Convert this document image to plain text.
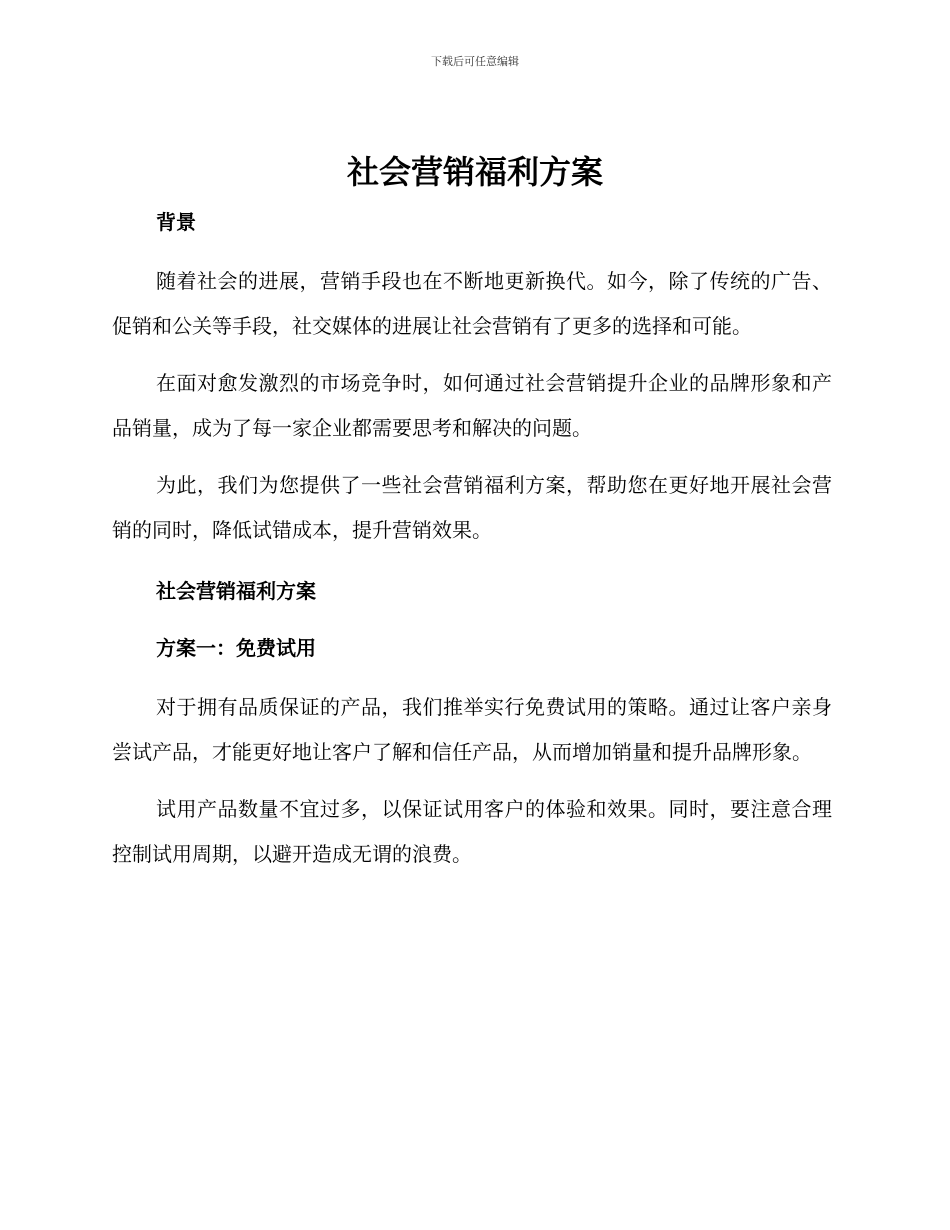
下载后可任意编辑
社会营销福利方案

背景

随着社会的进展，营销手段也在不断地更新换代。如今，除了传统的广告、促销和公关等手段，社交媒体的进展让社会营销有了更多的选择和可能。

在面对愈发激烈的市场竞争时，如何通过社会营销提升企业的品牌形象和产品销量，成为了每一家企业都需要思考和解决的问题。

为此，我们为您提供了一些社会营销福利方案，帮助您在更好地开展社会营销的同时，降低试错成本，提升营销效果。

社会营销福利方案

方案一：免费试用

对于拥有品质保证的产品，我们推举实行免费试用的策略。通过让客户亲身尝试产品，才能更好地让客户了解和信任产品，从而增加销量和提升品牌形象。

试用产品数量不宜过多，以保证试用客户的体验和效果。同时，要注意合理控制试用周期，以避开造成无谓的浪费。
